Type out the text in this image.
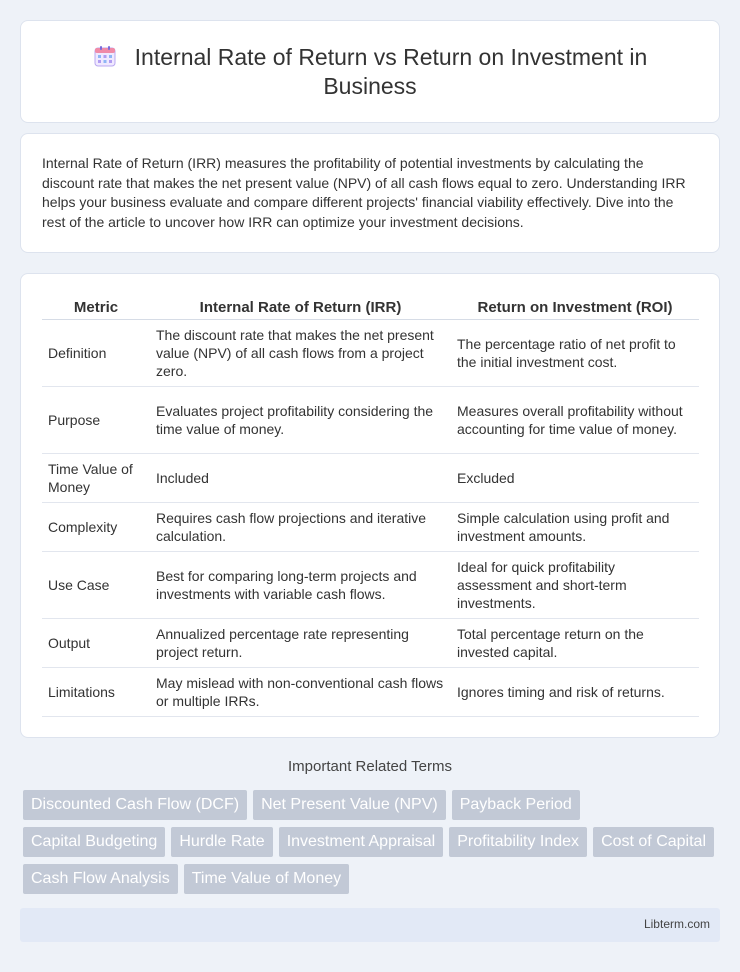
Internal Rate of Return vs Return on Investment in Business

Internal Rate of Return (IRR) measures the profitability of potential investments by calculating the discount rate that makes the net present value (NPV) of all cash flows equal to zero. Understanding IRR helps your business evaluate and compare different projects' financial viability effectively. Dive into the rest of the article to uncover how IRR can optimize your investment decisions.

Metric	Internal Rate of Return (IRR)	Return on Investment (ROI)
Definition	The discount rate that makes the net present value (NPV) of all cash flows from a project zero.	The percentage ratio of net profit to the initial investment cost.
Purpose	Evaluates project profitability considering the time value of money.	Measures overall profitability without accounting for time value of money.
Time Value of Money	Included	Excluded
Complexity	Requires cash flow projections and iterative calculation.	Simple calculation using profit and investment amounts.
Use Case	Best for comparing long-term projects and investments with variable cash flows.	Ideal for quick profitability assessment and short-term investments.
Output	Annualized percentage rate representing project return.	Total percentage return on the invested capital.
Limitations	May mislead with non-conventional cash flows or multiple IRRs.	Ignores timing and risk of returns.
Important Related Terms
Discounted Cash Flow (DCF)	Net Present Value (NPV)	Payback Period
Capital Budgeting	Hurdle Rate	Investment Appraisal	Profitability Index	Cost of Capital
Cash Flow Analysis	Time Value of Money
Libterm.com
